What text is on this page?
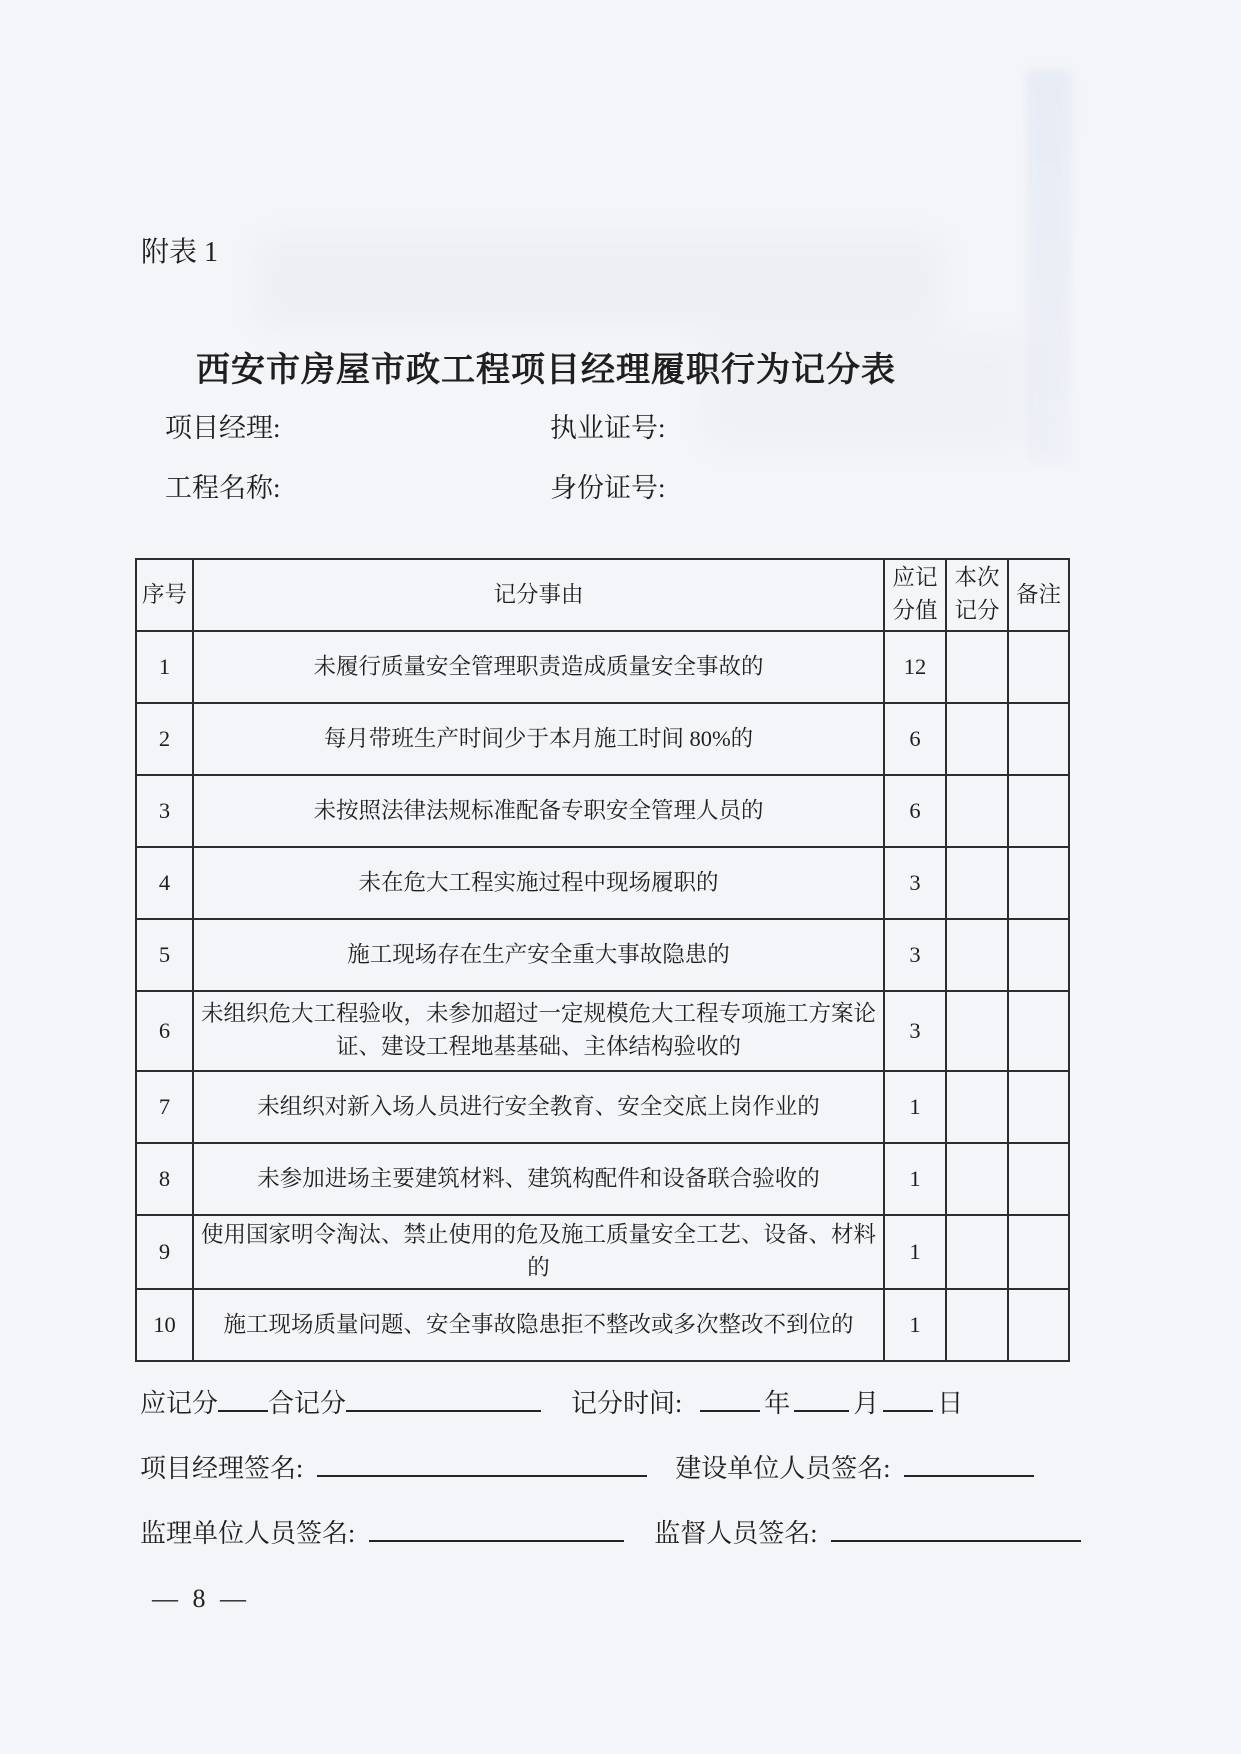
附表 1
西安市房屋市政工程项目经理履职行为记分表
项目经理:	执业证号:
工程名称:	身份证号:
序号	记分事由	应记分值	本次记分	备注
1	未履行质量安全管理职责造成质量安全事故的	12		
2	每月带班生产时间少于本月施工时间 80%的	6		
3	未按照法律法规标准配备专职安全管理人员的	6		
4	未在危大工程实施过程中现场履职的	3		
5	施工现场存在生产安全重大事故隐患的	3		
6	未组织危大工程验收，未参加超过一定规模危大工程专项施工方案论证、建设工程地基基础、主体结构验收的	3		
7	未组织对新入场人员进行安全教育、安全交底上岗作业的	1		
8	未参加进场主要建筑材料、建筑构配件和设备联合验收的	1		
9	使用国家明令淘汰、禁止使用的危及施工质量安全工艺、设备、材料的	1		
10	施工现场质量问题、安全事故隐患拒不整改或多次整改不到位的	1		
应记分 合记分	记分时间:	年 月 日
项目经理签名:	建设单位人员签名:
监理单位人员签名:	监督人员签名:
— 8 —
